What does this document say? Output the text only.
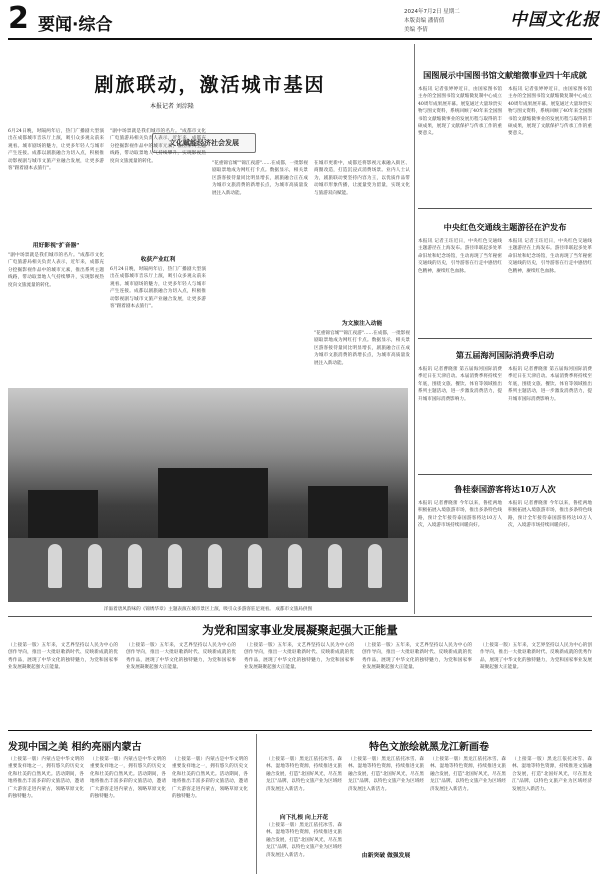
2 要闻·综合
2024年7月2日 星期二
本版责编 潘倩倩
美编 李倩	中国文化报
剧旅联动，激活城市基因
本报记者 刘淙隆
6月24日晚，时隔两年后，热门广播剧大型演出在成都城市音乐厅上演，吸引众多观众前来观看。城市剧场的魅力，让更多年轻人与城市产生连接。成都以剧旅融合为切入点，积极推动影视剧与城市文旅产业融合发展，让更多游客"跟着剧本去旅行"。
用好影视"扩音器"
"剧中场景就是我们城市的名片。"成都市文化广电旅游局相关负责人表示，近年来，成都充分挖掘影视作品中的城市元素，推出系列主题线路，带动取景地人气持续攀升，实现影视热度向文旅流量的转化。
文化赋能经济社会发展
"剧中场景就是我们城市的名片。"成都市文化广电旅游局相关负责人表示，近年来，成都充分挖掘影视作品中的城市元素，推出系列主题线路，带动取景地人气持续攀升，实现影视热度向文旅流量的转化。
收获产业红利
6月24日晚，时隔两年后，热门广播剧大型演出在成都城市音乐厅上演，吸引众多观众前来观看。城市剧场的魅力，让更多年轻人与城市产生连接。成都以剧旅融合为切入点，积极推动影视剧与城市文旅产业融合发展，让更多游客"跟着剧本去旅行"。
"花重锦官城""锦江夜游"……在成都，一批影视剧取景地成为网红打卡点。数据显示，相关景区游客接待量同比明显增长，剧旅融合正在成为城市文旅消费的新增长点，为城市高质量发展注入新动能。
在城市更新中，成都还将影视元素融入街区、商圈改造，打造沉浸式消费场景。业内人士认为，剧旅联动要坚持内容为王，以优质作品带动城市形象传播，让流量变为留量，实现文化与旅游双向赋能。
为文旅注入动能
"花重锦官城""锦江夜游"……在成都，一批影视剧取景地成为网红打卡点。数据显示，相关景区游客接待量同比明显增长，剧旅融合正在成为城市文旅消费的新增长点，为城市高质量发展注入新动能。
洋溢着唐风韵味的《锦绣华章》主题表演在城市景区上演，吸引众多游客驻足观看。 成都市文旅局供图
国图展示中国图书馆文献缩微事业四十年成就
本报讯 记者张婷婷近日，由国家图书馆主办的全国图书馆文献缩微复制中心成立40周年成果展开幕。展览通过大量珍贵实物与图文资料，系统回顾了40年来全国图书馆文献缩微事业的发展历程与取得的丰硕成果，展现了文献保护与传承工作的重要意义。
本报讯 记者张婷婷近日，由国家图书馆主办的全国图书馆文献缩微复制中心成立40周年成果展开幕。展览通过大量珍贵实物与图文资料，系统回顾了40年来全国图书馆文献缩微事业的发展历程与取得的丰硕成果，展现了文献保护与传承工作的重要意义。
中央红色交通线主题游径在沪发布
本报讯 记者王珏近日，中央红色交通线主题游径在上海发布。游径串联起多处革命旧址和纪念场馆，生动再现了当年秘密交通线的历史，引导游客在行走中感悟红色精神，赓续红色血脉。
本报讯 记者王珏近日，中央红色交通线主题游径在上海发布。游径串联起多处革命旧址和纪念场馆，生动再现了当年秘密交通线的历史，引导游客在行走中感悟红色精神，赓续红色血脉。
第五届海河国际消费季启动
本报讯 记者曹晓蕾 第五届海河国际消费季近日在天津启动。本届消费季将持续至年底，围绕文旅、餐饮、体育等领域推出系列主题活动，进一步激发消费活力，提升城市国际消费影响力。
本报讯 记者曹晓蕾 第五届海河国际消费季近日在天津启动。本届消费季将持续至年底，围绕文旅、餐饮、体育等领域推出系列主题活动，进一步激发消费活力，提升城市国际消费影响力。
鲁桂泰国游客将达10万人次
本报讯 记者曹晓蕾 今年以来，鲁桂两地积极拓展入境旅游市场，推出多条特色线路，预计全年接待泰国游客将达10万人次，入境游市场持续回暖向好。
本报讯 记者曹晓蕾 今年以来，鲁桂两地积极拓展入境旅游市场，推出多条特色线路，预计全年接待泰国游客将达10万人次，入境游市场持续回暖向好。
为党和国家事业发展凝聚起强大正能量
（上接第一版）五年来，文艺界坚持以人民为中心的创作导向，推出一大批讴歌新时代、反映新成就的优秀作品，展现了中华文化的独特魅力，为党和国家事业发展凝聚起强大正能量。
（上接第一版）五年来，文艺界坚持以人民为中心的创作导向，推出一大批讴歌新时代、反映新成就的优秀作品，展现了中华文化的独特魅力，为党和国家事业发展凝聚起强大正能量。
（上接第一版）五年来，文艺界坚持以人民为中心的创作导向，推出一大批讴歌新时代、反映新成就的优秀作品，展现了中华文化的独特魅力，为党和国家事业发展凝聚起强大正能量。
（上接第一版）五年来，文艺界坚持以人民为中心的创作导向，推出一大批讴歌新时代、反映新成就的优秀作品，展现了中华文化的独特魅力，为党和国家事业发展凝聚起强大正能量。
（上接第一版）五年来，文艺界坚持以人民为中心的创作导向，推出一大批讴歌新时代、反映新成就的优秀作品，展现了中华文化的独特魅力，为党和国家事业发展凝聚起强大正能量。
发现中国之美 相约亮丽内蒙古
（上接第一版）内蒙古是中华文明的重要发祥地之一，拥有悠久的历史文化和壮美的自然风光。活动期间，各地将推出丰富多彩的文旅活动，邀请广大游客走进内蒙古，领略草原文化的独特魅力。
（上接第一版）内蒙古是中华文明的重要发祥地之一，拥有悠久的历史文化和壮美的自然风光。活动期间，各地将推出丰富多彩的文旅活动，邀请广大游客走进内蒙古，领略草原文化的独特魅力。
（上接第一版）内蒙古是中华文明的重要发祥地之一，拥有悠久的历史文化和壮美的自然风光。活动期间，各地将推出丰富多彩的文旅活动，邀请广大游客走进内蒙古，领略草原文化的独特魅力。
特色文旅绘就黑龙江新画卷
（上接第一版）黑龙江依托冰雪、森林、湿地等特色资源，持续推进文旅融合发展，打造"北国好风光，尽在黑龙江"品牌，以特色文旅产业为区域经济发展注入新活力。
向下扎根 向上开花
（上接第一版）黑龙江依托冰雪、森林、湿地等特色资源，持续推进文旅融合发展，打造"北国好风光，尽在黑龙江"品牌，以特色文旅产业为区域经济发展注入新活力。
（上接第一版）黑龙江依托冰雪、森林、湿地等特色资源，持续推进文旅融合发展，打造"北国好风光，尽在黑龙江"品牌，以特色文旅产业为区域经济发展注入新活力。
由新突破 做强发展
（上接第一版）黑龙江依托冰雪、森林、湿地等特色资源，持续推进文旅融合发展，打造"北国好风光，尽在黑龙江"品牌，以特色文旅产业为区域经济发展注入新活力。
（上接第一版）黑龙江依托冰雪、森林、湿地等特色资源，持续推进文旅融合发展，打造"北国好风光，尽在黑龙江"品牌，以特色文旅产业为区域经济发展注入新活力。
